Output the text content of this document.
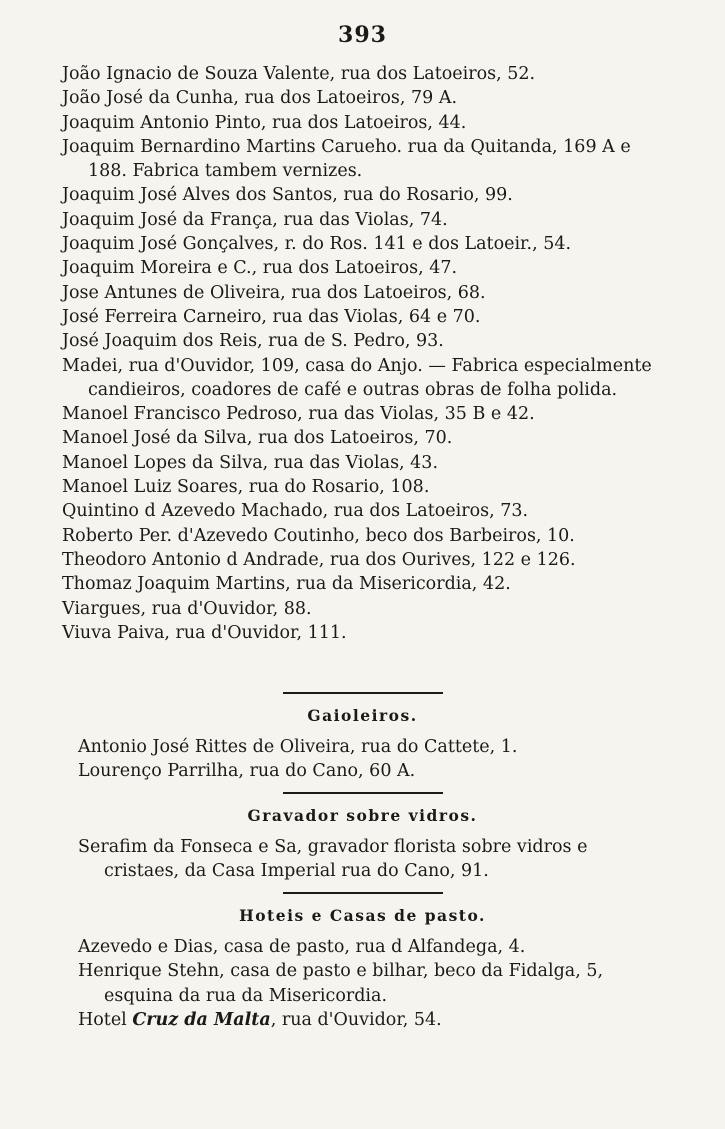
393
João Ignacio de Souza Valente, rua dos Latoeiros, 52.
João José da Cunha, rua dos Latoeiros, 79 A.
Joaquim Antonio Pinto, rua dos Latoeiros, 44.
Joaquim Bernardino Martins Carueho. rua da Quitanda, 169 A e 188. Fabrica tambem vernizes.
Joaquim José Alves dos Santos, rua do Rosario, 99.
Joaquim José da França, rua das Violas, 74.
Joaquim José Gonçalves, r. do Ros. 141 e dos Latoeir., 54.
Joaquim Moreira e C., rua dos Latoeiros, 47.
Jose Antunes de Oliveira, rua dos Latoeiros, 68.
José Ferreira Carneiro, rua das Violas, 64 e 70.
José Joaquim dos Reis, rua de S. Pedro, 93.
Madei, rua d'Ouvidor, 109, casa do Anjo. — Fabrica especialmente candieiros, coadores de café e outras obras de folha polida.
Manoel Francisco Pedroso, rua das Violas, 35 B e 42.
Manoel José da Silva, rua dos Latoeiros, 70.
Manoel Lopes da Silva, rua das Violas, 43.
Manoel Luiz Soares, rua do Rosario, 108.
Quintino d Azevedo Machado, rua dos Latoeiros, 73.
Roberto Per. d'Azevedo Coutinho, beco dos Barbeiros, 10.
Theodoro Antonio d Andrade, rua dos Ourives, 122 e 126.
Thomaz Joaquim Martins, rua da Misericordia, 42.
Viargues, rua d'Ouvidor, 88.
Viuva Paiva, rua d'Ouvidor, 111.
Gaioleiros.
Antonio José Rittes de Oliveira, rua do Cattete, 1.
Lourenço Parrilha, rua do Cano, 60 A.
Gravador sobre vidros.
Serafim da Fonseca e Sa, gravador florista sobre vidros e cristaes, da Casa Imperial rua do Cano, 91.
Hoteis e Casas de pasto.
Azevedo e Dias, casa de pasto, rua d Alfandega, 4.
Henrique Stehn, casa de pasto e bilhar, beco da Fidalga, 5, esquina da rua da Misericordia.
Hotel Cruz da Malta, rua d'Ouvidor, 54.
